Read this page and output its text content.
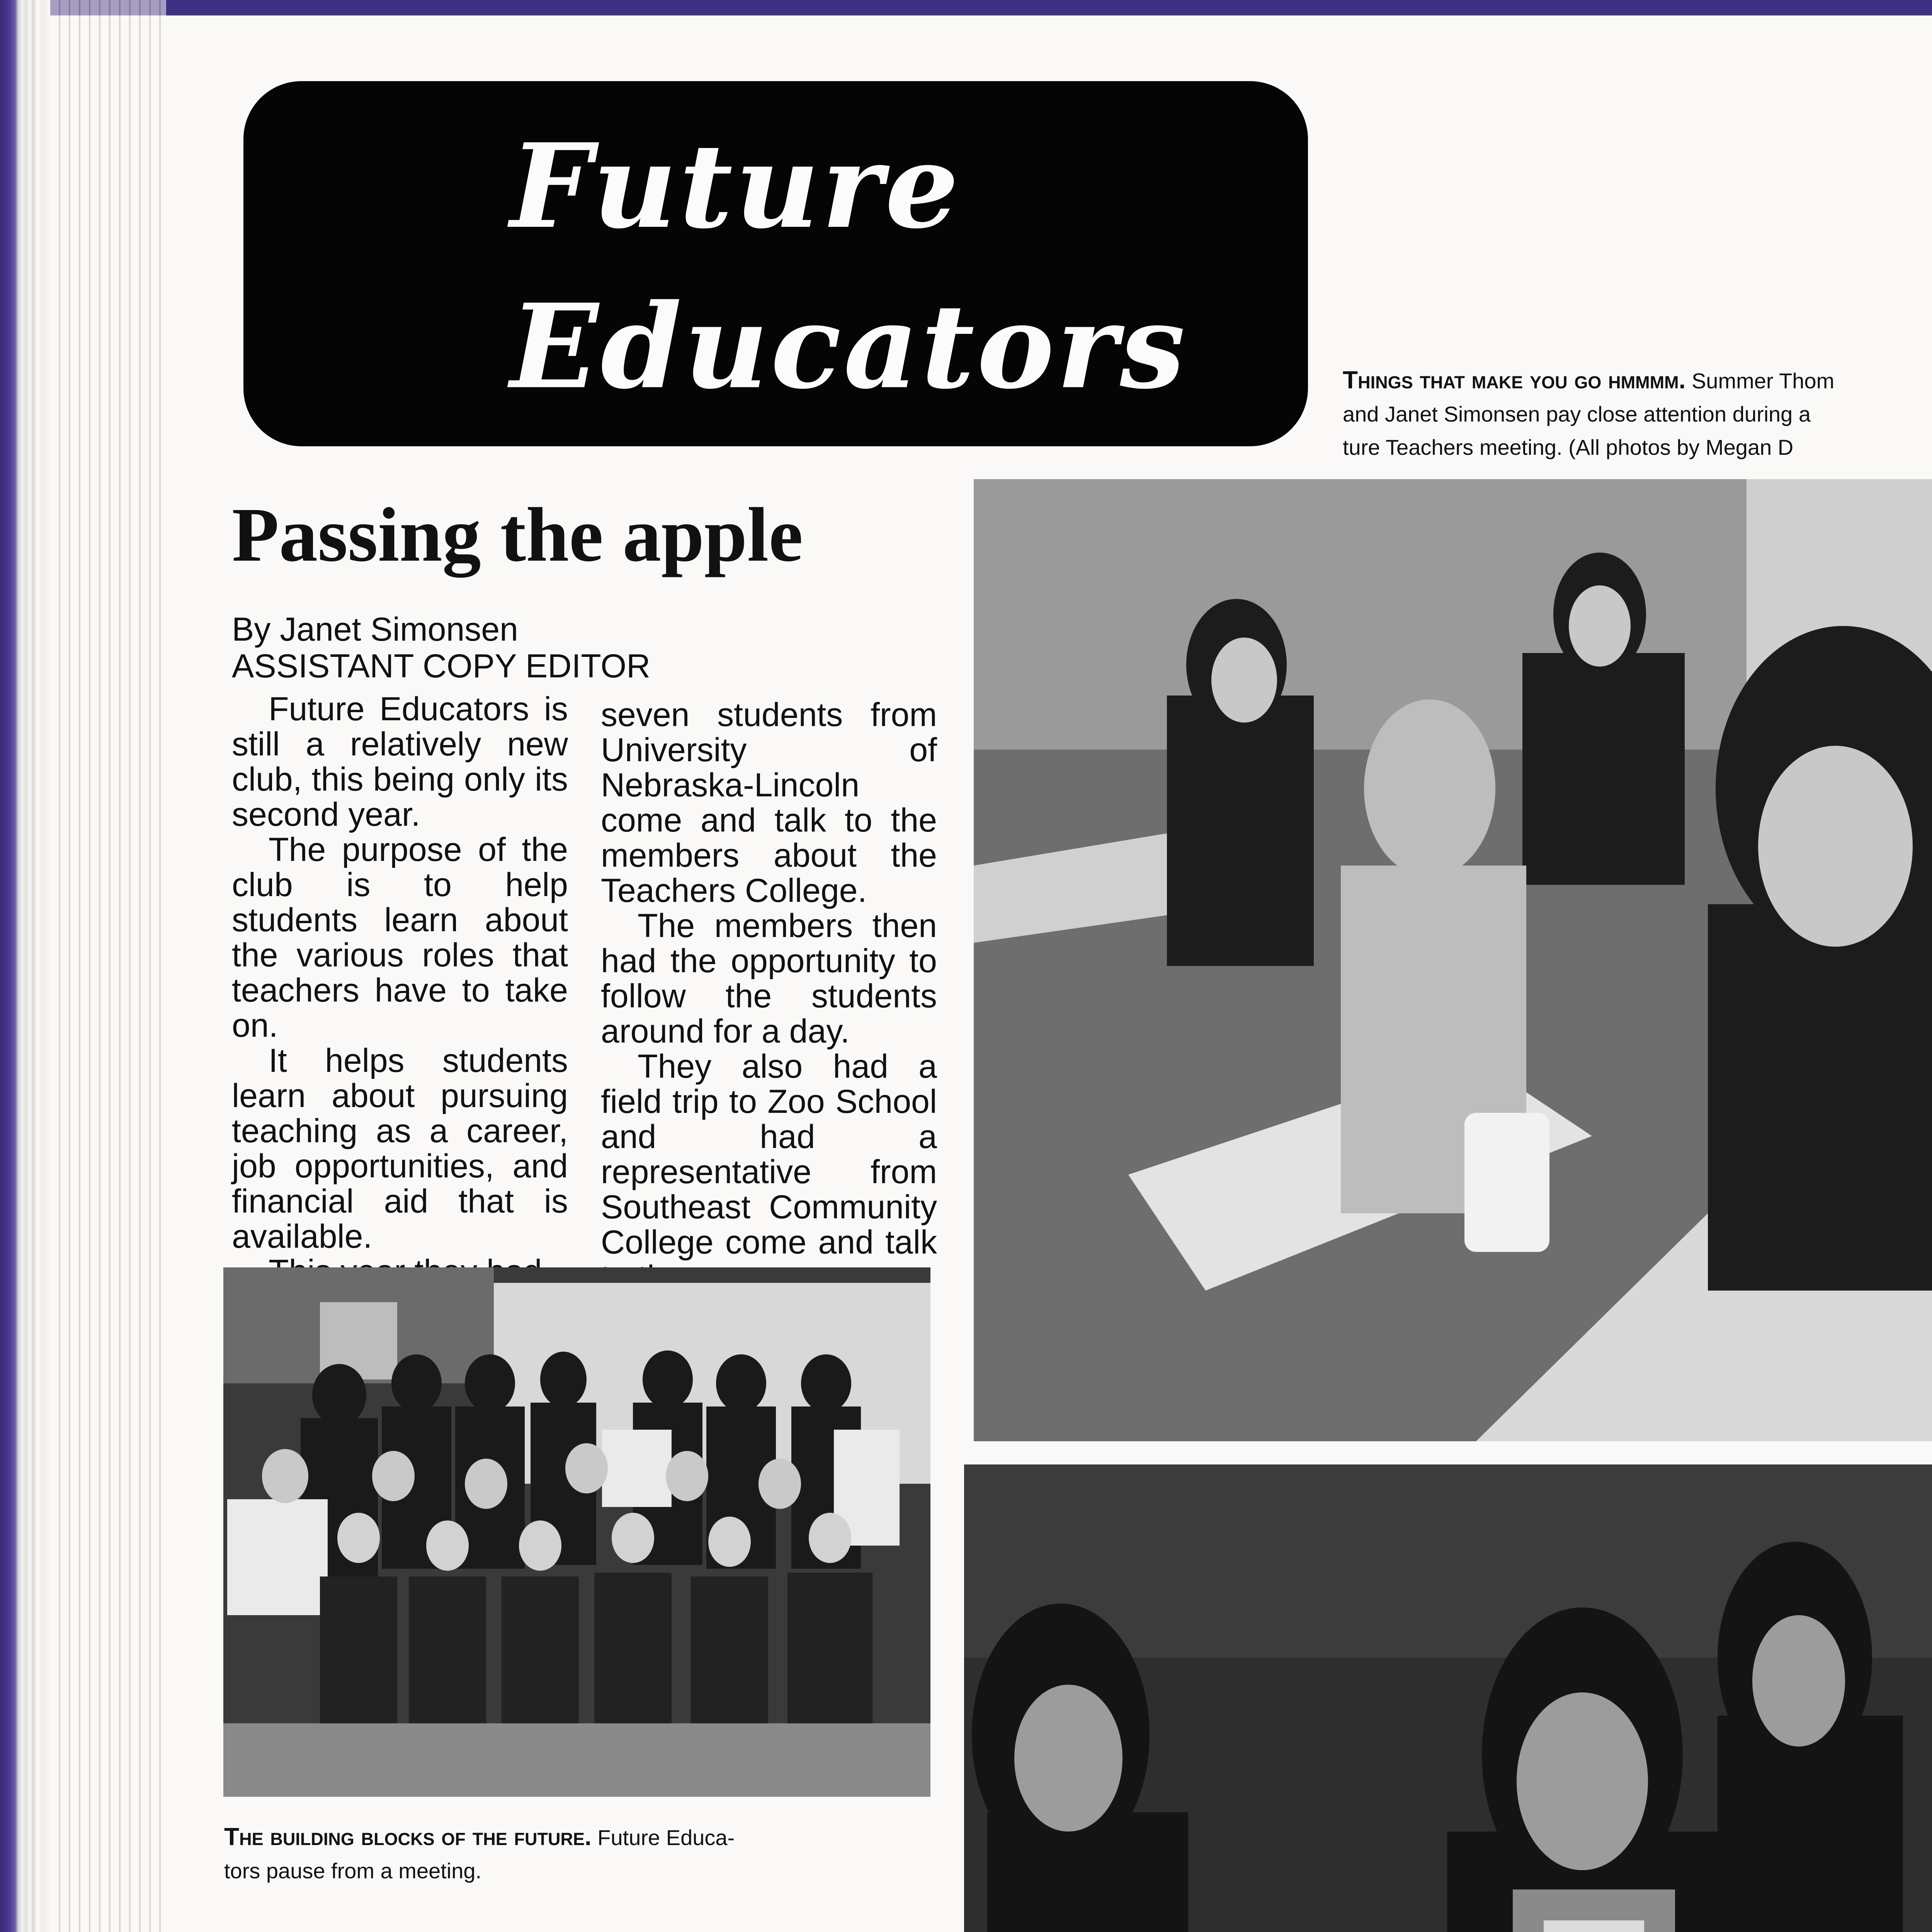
Future
Educators
Passing the apple
By Janet Simonsen
ASSISTANT COPY EDITOR

Future Educators is still a relatively new club, this being only its second year.

The purpose of the club is to help students learn about the various roles that teachers have to take on.

It helps students learn about pursuing teaching as a career, job opportunities, and financial aid that is available.

seven students from University of Nebraska-Lincoln come and talk to the members about the Teachers College.

The members then had the opportunity to follow the students around for a day.

They also had a field trip to Zoo School and had a representative from Southeast Community College come and talk

The building blocks of the future. Future Educa-
tors pause from a meeting.
Things that make you go hmmmm. Summer Thom
and Janet Simonsen pay close attention during a
ture Teachers meeting. (All photos by Megan D
